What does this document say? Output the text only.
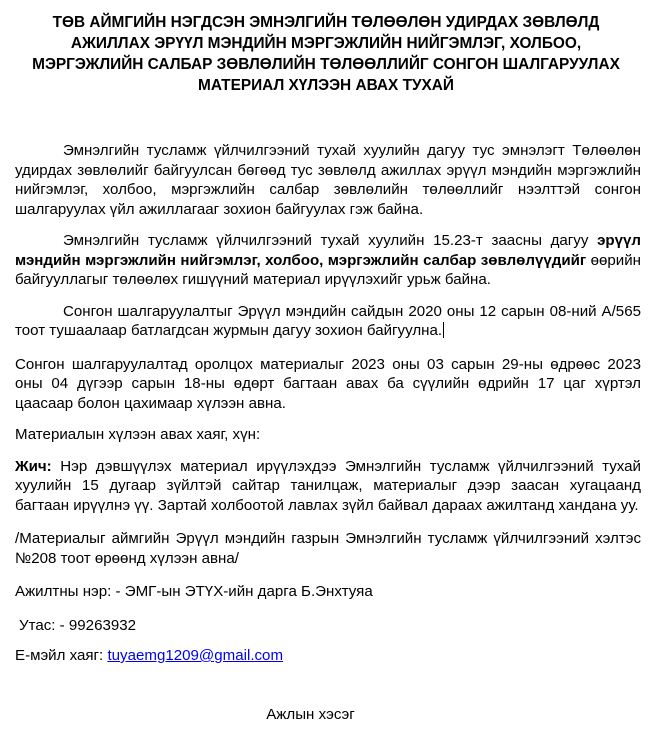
ТӨВ АЙМГИЙН НЭГДСЭН ЭМНЭЛГИЙН ТӨЛӨӨЛӨН УДИРДАХ ЗӨВЛӨЛД
АЖИЛЛАХ ЭРҮҮЛ МЭНДИЙН МЭРГЭЖЛИЙН НИЙГЭМЛЭГ, ХОЛБОО,
МЭРГЭЖЛИЙН САЛБАР ЗӨВЛӨЛИЙН ТӨЛӨӨЛЛИЙГ СОНГОН ШАЛГАРУУЛАХ
МАТЕРИАЛ ХҮЛЭЭН АВАХ ТУХАЙ

Эмнэлгийн тусламж үйлчилгээний тухай хуулийн дагуу тус эмнэлэгт Төлөөлөн удирдах зөвлөлийг байгуулсан бөгөөд тус зөвлөлд ажиллах эрүүл мэндийн мэргэжлийн нийгэмлэг, холбоо, мэргэжлийн салбар зөвлөлийн төлөөллийг нээлттэй сонгон шалгаруулах үйл ажиллагааг зохион байгуулах гэж байна.

Эмнэлгийн тусламж үйлчилгээний тухай хуулийн 15.23-т заасны дагуу эрүүл мэндийн мэргэжлийн нийгэмлэг, холбоо, мэргэжлийн салбар зөвлөлүүдийг өөрийн байгууллагыг төлөөлөх гишүүний материал ирүүлэхийг урьж байна.

Сонгон шалгаруулалтыг Эрүүл мэндийн сайдын 2020 оны 12 сарын 08-ний А/565 тоот тушаалаар батлагдсан журмын дагуу зохион байгуулна.

Сонгон шалгаруулалтад оролцох материалыг 2023 оны 03 сарын 29-ны өдрөөс 2023 оны 04 дүгээр сарын 18-ны өдөрт багтаан авах ба сүүлийн өдрийн 17 цаг хүртэл цаасаар болон цахимаар хүлээн авна.

Материалын хүлээн авах хаяг, хүн:

Жич: Нэр дэвшүүлэх материал ирүүлэхдээ Эмнэлгийн тусламж үйлчилгээний тухай хуулийн 15 дугаар зүйлтэй сайтар танилцаж, материалыг дээр заасан хугацаанд багтаан ирүүлнэ үү. Зартай холбоотой лавлах зүйл байвал дараах ажилтанд хандана уу.

/Материалыг аймгийн Эрүүл мэндийн газрын Эмнэлгийн тусламж үйлчилгээний хэлтэс №208 тоот өрөөнд хүлээн авна/

Ажилтны нэр: - ЭМГ-ын ЭТҮХ-ийн дарга Б.Энхтуяа

Утас: - 99263932

Е-мэйл хаяг: tuyaemg1209@gmail.com

Ажлын хэсэг
